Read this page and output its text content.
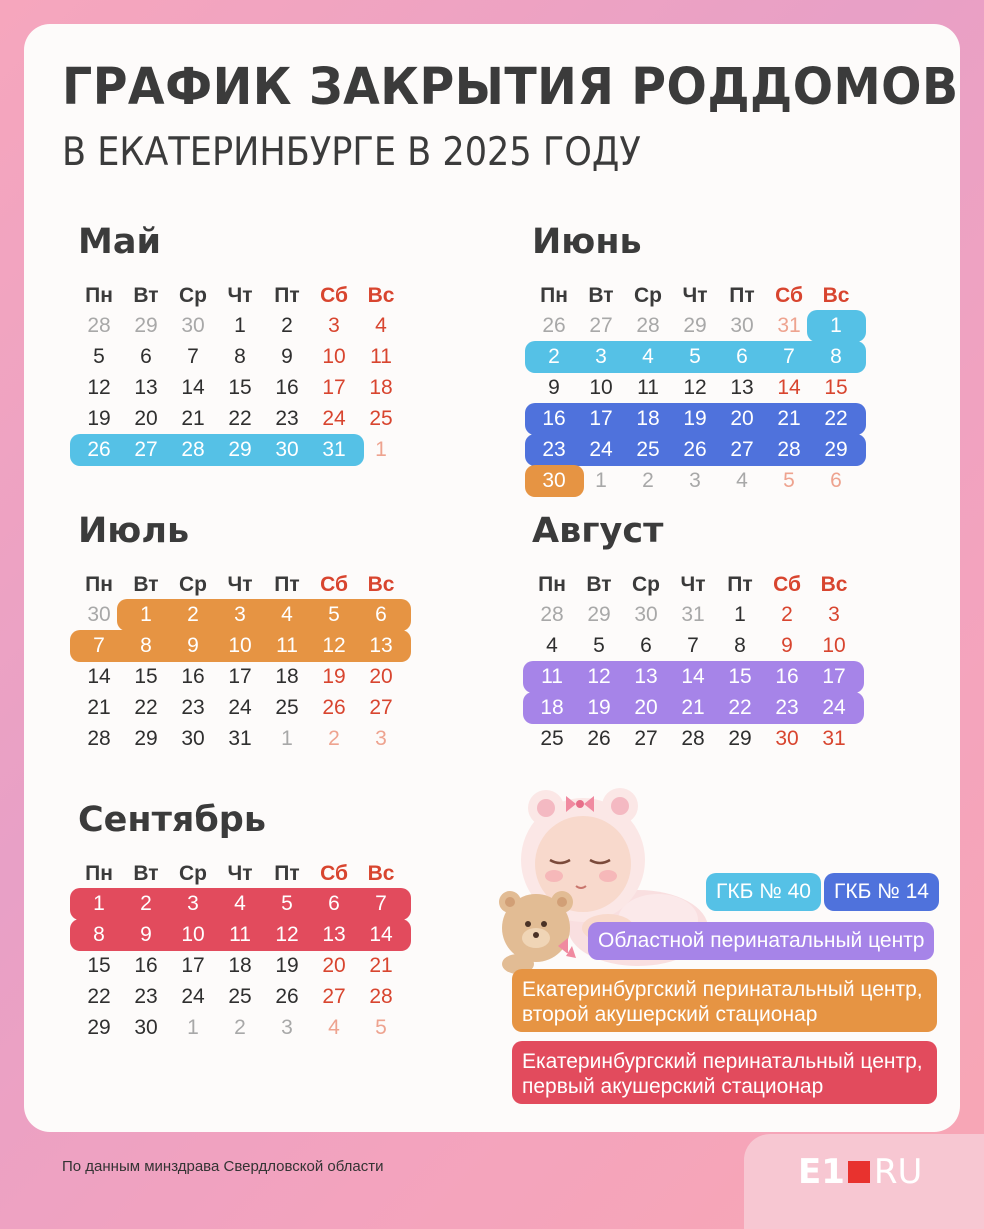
ГРАФИК ЗАКРЫТИЯ РОДДОМОВ
В ЕКАТЕРИНБУРГЕ В 2025 ГОДУ
Май
Пн Вт Ср Чт	Пт Сб Вс
28	29	30	1	2	3	4
5	6	7	8	9	10	11
12	13	14	15	16	17	18
19	20	21	22	23	24	25
26	27	28	29	30	31	1
Июнь
Пн Вт Ср Чт	Пт Сб Вс
26	27	28	29	30	31	1
2	3	4	5	6	7	8
9	10	11	12	13	14	15
16	17	18	19	20	21	22
23	24	25	26	27	28	29
30	1	2	3	4	5	6
Июль
Пн Вт Ср Чт	Пт Сб Вс
30	1	2	3	4	5	6
7	8	9	10	11	12	13
14	15	16	17	18	19	20
21	22	23	24	25	26	27
28	29	30	31	1	2	3
Август
Пн Вт Ср Чт	Пт Сб Вс
28	29	30	31	1	2	3
4	5	6	7	8	9	10
11	12	13	14	15	16	17
18	19	20	21	22	23	24
25	26	27	28	29	30	31
Сентябрь
Пн Вт Ср Чт	Пт Сб Вс
1	2	3	4	5	6	7
8	9	10	11	12	13	14
15	16	17	18	19	20	21
22	23	24	25	26	27	28
29	30	1	2	3	4	5
ГКБ № 40	ГКБ № 14
Областной перинатальный центр
Екатеринбургский перинатальный центр,
второй акушерский стационар
Екатеринбургский перинатальный центр,
первый акушерский стационар
По данным минздрава Свердловской области	E1 RU
